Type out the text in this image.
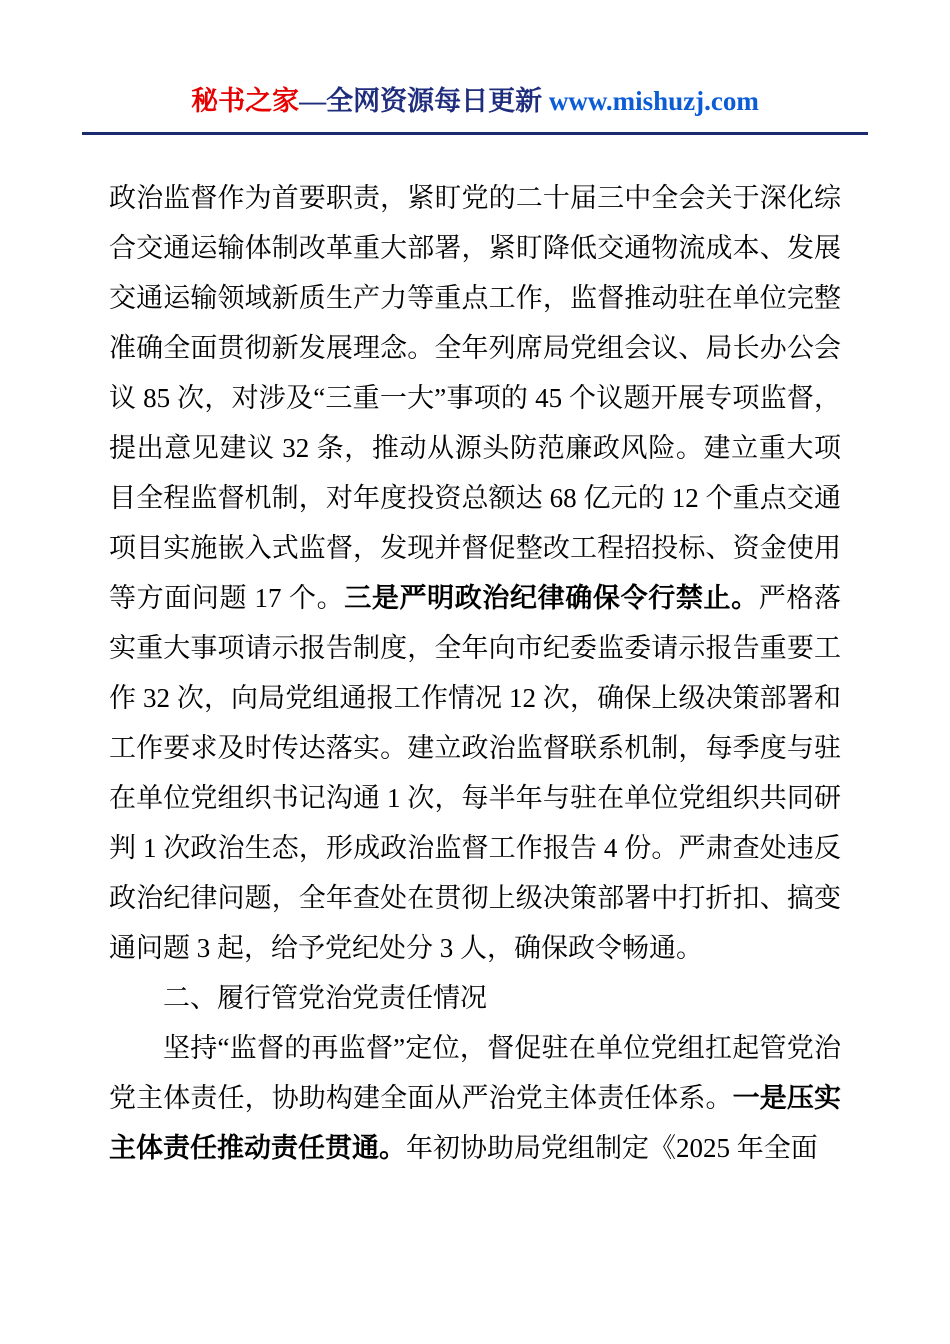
秘书之家—全网资源每日更新 www.mishuzj.com

政治监督作为首要职责，紧盯党的二十届三中全会关于深化综合交通运输体制改革重大部署，紧盯降低交通物流成本、发展交通运输领域新质生产力等重点工作，监督推动驻在单位完整准确全面贯彻新发展理念。全年列席局党组会议、局长办公会议 85 次，对涉及“三重一大”事项的 45 个议题开展专项监督，提出意见建议 32 条，推动从源头防范廉政风险。建立重大项目全程监督机制，对年度投资总额达 68 亿元的 12 个重点交通项目实施嵌入式监督，发现并督促整改工程招投标、资金使用等方面问题 17 个。三是严明政治纪律确保令行禁止。严格落实重大事项请示报告制度，全年向市纪委监委请示报告重要工作 32 次，向局党组通报工作情况 12 次，确保上级决策部署和工作要求及时传达落实。建立政治监督联系机制，每季度与驻在单位党组织书记沟通 1 次，每半年与驻在单位党组织共同研判 1 次政治生态，形成政治监督工作报告 4 份。严肃查处违反政治纪律问题，全年查处在贯彻上级决策部署中打折扣、搞变通问题 3 起，给予党纪处分 3 人，确保政令畅通。

二、履行管党治党责任情况

坚持“监督的再监督”定位，督促驻在单位党组扛起管党治党主体责任，协助构建全面从严治党主体责任体系。一是压实主体责任推动责任贯通。年初协助局党组制定《2025 年全面
